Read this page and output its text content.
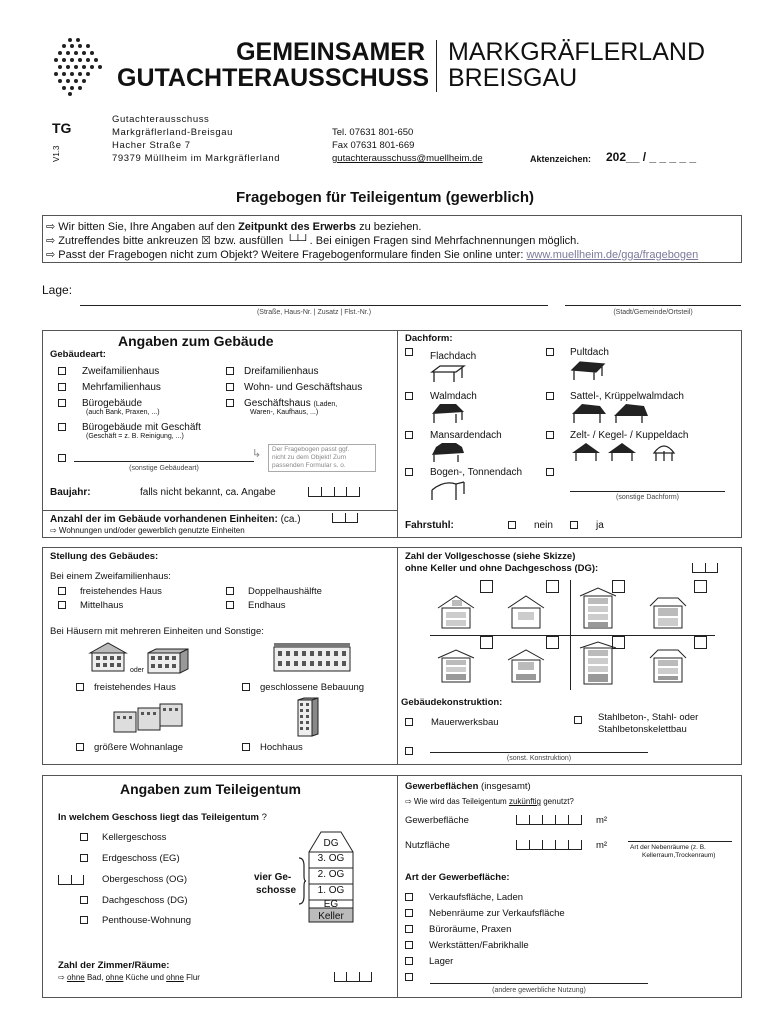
GEMEINSAMER
GUTACHTERAUSSCHUSS
MARKGRÄFLERLAND
BREISGAU
TG
V1.3
Gutachterausschuss
Markgräflerland-Breisgau
Hacher Straße 7
79379 Müllheim im Markgräflerland
Tel. 07631 801-650
Fax 07631 801-669
gutachterausschuss@muellheim.de	Aktenzeichen: 202__ / _ _ _ _ _
Fragebogen für Teileigentum (gewerblich)
⇨ Wir bitten Sie, Ihre Angaben auf den Zeitpunkt des Erwerbs zu beziehen.
⇨ Zutreffendes bitte ankreuzen ☒ bzw. ausfüllen └┴┘. Bei einigen Fragen sind Mehrfachnennungen möglich.
⇨ Passt der Fragebogen nicht zum Objekt? Weitere Fragebogenformulare finden Sie online unter: www.muellheim.de/gga/fragebogen
Lage:
(Straße, Haus-Nr. | Zusatz | Flst.-Nr.)	(Stadt/Gemeinde/Ortsteil)
Angaben zum Gebäude
Gebäudeart:
Zweifamilienhaus	Dreifamilienhaus
Mehrfamilienhaus	Wohn- und Geschäftshaus
Bürogebäude
(auch Bank, Praxen, ...)
Geschäftshaus (Laden,
Waren-, Kaufhaus, ...)
Bürogebäude mit Geschäft
(Geschäft = z. B. Reinigung, ...)
(sonstige Gebäudeart)
↳ Der Fragebogen passt ggf.
nicht zu dem Objekt! Zum
passenden Formular s. o.
Baujahr:	falls nicht bekannt, ca. Angabe
Anzahl der im Gebäude vorhandenen Einheiten: (ca.)
⇨ Wohnungen und/oder gewerblich genutzte Einheiten
Dachform:
Flachdach	Pultdach
Walmdach	Sattel-, Krüppelwalmdach
Mansardendach	Zelt- / Kegel- / Kuppeldach
Bogen-, Tonnendach
(sonstige Dachform)
Fahrstuhl:	nein	ja
Stellung des Gebäudes:
Bei einem Zweifamilienhaus:
freistehendes Haus	Doppelhaushälfte
Mittelhaus	Endhaus
Bei Häusern mit mehreren Einheiten und Sonstige:
oder
freistehendes Haus	geschlossene Bebauung
größere Wohnanlage	Hochhaus
Zahl der Vollgeschosse (siehe Skizze)
ohne Keller und ohne Dachgeschoss (DG):
Gebäudekonstruktion:
Mauerwerksbau	Stahlbeton-, Stahl- oder
Stahlbetonskelettbau
(sonst. Konstruktion)
Angaben zum Teileigentum
In welchem Geschoss liegt das Teileigentum ?
Kellergeschoss
Erdgeschoss (EG)
Obergeschoss (OG)
Dachgeschoss (DG)
Penthouse-Wohnung
vier Ge-
schosse
DG
3. OG
2. OG
1. OG
EG
Keller
Zahl der Zimmer/Räume:
⇨ ohne Bad, ohne Küche und ohne Flur
Gewerbeflächen (insgesamt)
⇨ Wie wird das Teileigentum zukünftig genutzt?
Gewerbefläche	m²
Nutzfläche	m²	Art der Nebenräume (z. B.
Kellerraum,Trockenraum)
Art der Gewerbefläche:
Verkaufsfläche, Laden
Nebenräume zur Verkaufsfläche
Büroräume, Praxen
Werkstätten/Fabrikhalle
Lager
(andere gewerbliche Nutzung)
